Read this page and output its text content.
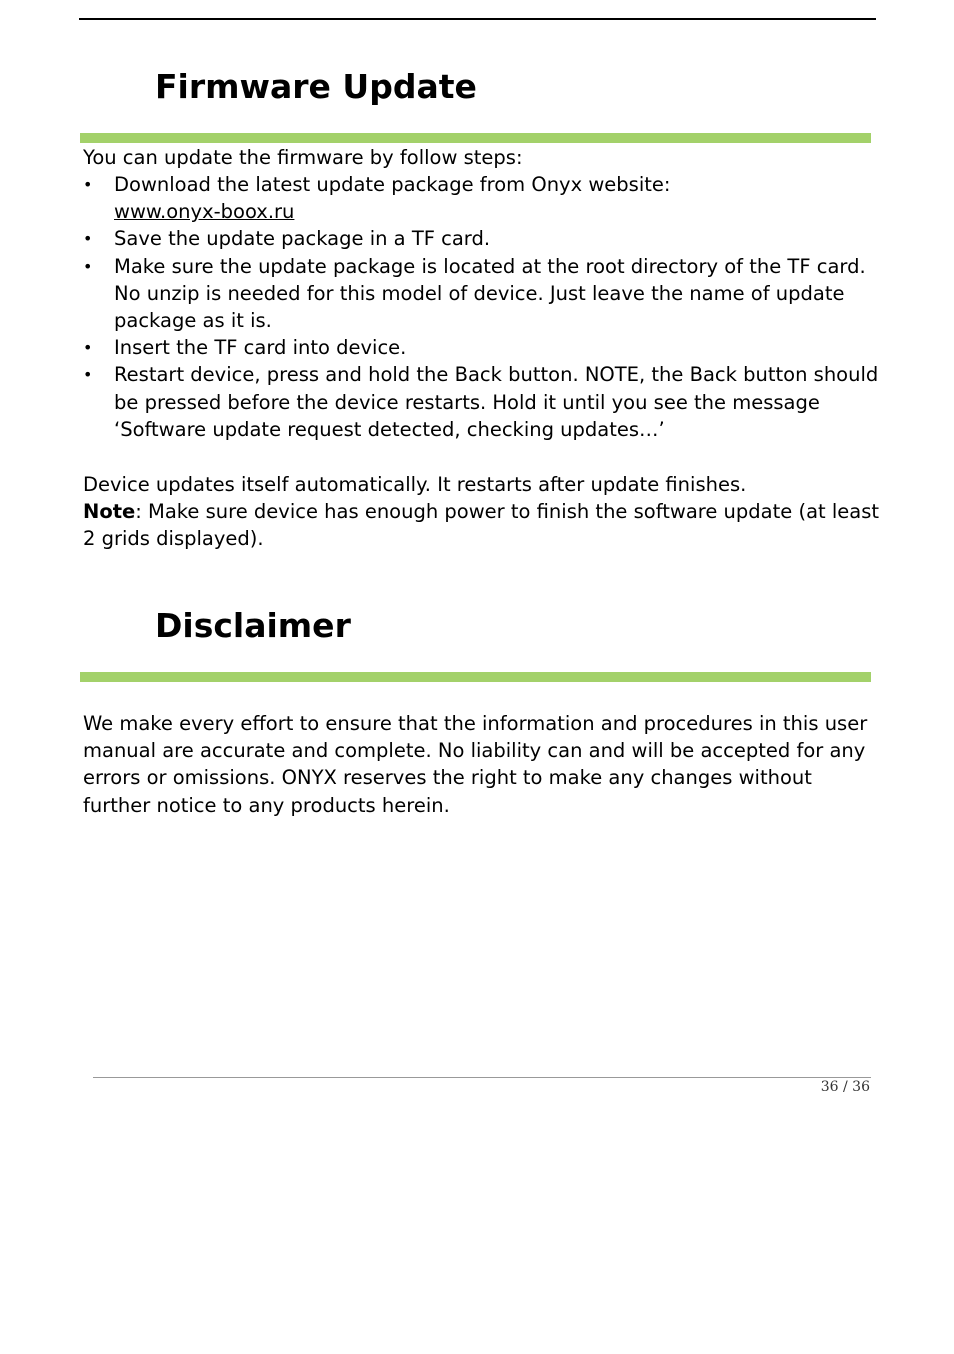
Firmware Update

You can update the firmware by follow steps:

• Download the latest update package from Onyx website:
www.onyx-boox.ru
• Save the update package in a TF card.
• Make sure the update package is located at the root directory of the TF card. No unzip is needed for this model of device. Just leave the name of update package as it is.
• Insert the TF card into device.
• Restart device, press and hold the Back button. NOTE, the Back button should be pressed before the device restarts. Hold it until you see the message ‘Software update request detected, checking updates…’

Device updates itself automatically. It restarts after update finishes.

Note: Make sure device has enough power to finish the software update (at least 2 grids displayed).

Disclaimer

We make every effort to ensure that the information and procedures in this user manual are accurate and complete. No liability can and will be accepted for any errors or omissions. ONYX reserves the right to make any changes without further notice to any products herein.

36 / 36
